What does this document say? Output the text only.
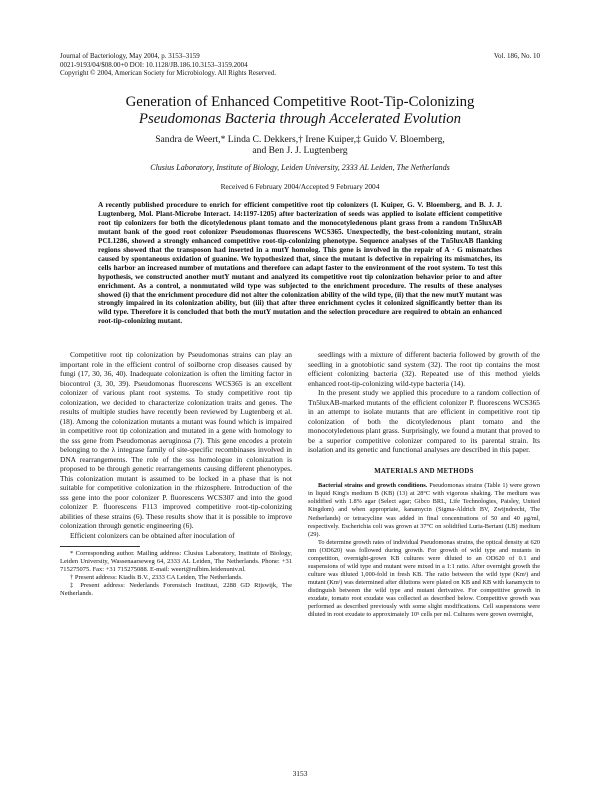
Journal of Bacteriology, May 2004, p. 3153–3159
0021-9193/04/$08.00+0 DOI: 10.1128/JB.186.10.3153–3159.2004
Copyright © 2004, American Society for Microbiology. All Rights Reserved.
Vol. 186, No. 10
Generation of Enhanced Competitive Root-Tip-Colonizing
Pseudomonas Bacteria through Accelerated Evolution
Sandra de Weert,* Linda C. Dekkers,† Irene Kuiper,‡ Guido V. Bloemberg,
and Ben J. J. Lugtenberg
Clusius Laboratory, Institute of Biology, Leiden University, 2333 AL Leiden, The Netherlands
Received 6 February 2004/Accepted 9 February 2004
A recently published procedure to enrich for efficient competitive root tip colonizers (I. Kuiper, G. V. Bloemberg, and B. J. J. Lugtenberg, Mol. Plant-Microbe Interact. 14:1197-1205) after bacterization of seeds was applied to isolate efficient competitive root tip colonizers for both the dicotyledenous plant tomato and the monocotyledenous plant grass from a random Tn5luxAB mutant bank of the good root colonizer Pseudomonas fluorescens WCS365. Unexpectedly, the best-colonizing mutant, strain PCL1286, showed a strongly enhanced competitive root-tip-colonizing phenotype. Sequence analyses of the Tn5luxAB flanking regions showed that the transposon had inserted in a mutY homolog. This gene is involved in the repair of A · G mismatches caused by spontaneous oxidation of guanine. We hypothesized that, since the mutant is defective in repairing its mismatches, its cells harbor an increased number of mutations and therefore can adapt faster to the environment of the root system. To test this hypothesis, we constructed another mutY mutant and analyzed its competitive root tip colonization behavior prior to and after enrichment. As a control, a nonmutated wild type was subjected to the enrichment procedure. The results of these analyses showed (i) that the enrichment procedure did not alter the colonization ability of the wild type, (ii) that the new mutY mutant was strongly impaired in its colonization ability, but (iii) that after three enrichment cycles it colonized significantly better than its wild type. Therefore it is concluded that both the mutY mutation and the selection procedure are required to obtain an enhanced root-tip-colonizing mutant.

Competitive root tip colonization by Pseudomonas strains can play an important role in the efficient control of soilborne crop diseases caused by fungi (17, 30, 36, 40). Inadequate colonization is often the limiting factor in biocontrol (3, 30, 39). Pseudomonas fluorescens WCS365 is an excellent colonizer of various plant root systems. To study competitive root tip colonization, we decided to characterize colonization traits and genes. The results of multiple studies have recently been reviewed by Lugtenberg et al. (18). Among the colonization mutants a mutant was found which is impaired in competitive root tip colonization and mutated in a gene with homology to the sss gene from Pseudomonas aeruginosa (7). This gene encodes a protein belonging to the λ integrase family of site-specific recombinases involved in DNA rearrangements. The role of the sss homologue in colonization is proposed to be through genetic rearrangements causing different phenotypes. This colonization mutant is assumed to be locked in a phase that is not suitable for competitive colonization in the rhizosphere. Introduction of the sss gene into the poor colonizer P. fluorescens WCS307 and into the good colonizer P. fluorescens F113 improved competitive root-tip-colonizing abilities of these strains (6). These results show that it is possible to improve colonization through genetic engineering (6).

Efficient colonizers can be obtained after inoculation of

* Corresponding author. Mailing address: Clusius Laboratory, Institute of Biology, Leiden University, Wassenaarseweg 64, 2333 AL Leiden, The Netherlands. Phone: +31 715275075. Fax: +31 715275088. E-mail: weert@rulbim.leidenuniv.nl.

† Present address: Kiadis B.V., 2333 CA Leiden, The Netherlands.

‡ Present address: Nederlands Forensisch Instituut, 2288 GD Rijswijk, The Netherlands.

seedlings with a mixture of different bacteria followed by growth of the seedling in a gnotobiotic sand system (32). The root tip contains the most efficient colonizing bacteria (32). Repeated use of this method yields enhanced root-tip-colonizing wild-type bacteria (14).

In the present study we applied this procedure to a random collection of Tn5luxAB-marked mutants of the efficient colonizer P. fluorescens WCS365 in an attempt to isolate mutants that are efficient in competitive root tip colonization of both the dicotyledenous plant tomato and the monocotyledenous plant grass. Surprisingly, we found a mutant that proved to be a superior competitive colonizer compared to its parental strain. Its isolation and its genetic and functional analyses are described in this paper.

MATERIALS AND METHODS

Bacterial strains and growth conditions. Pseudomonas strains (Table 1) were grown in liquid King's medium B (KB) (13) at 28°C with vigorous shaking. The medium was solidified with 1.8% agar (Select agar; Gibco BRL, Life Technologies, Paisley, United Kingdom) and when appropriate, kanamycin (Sigma-Aldrich BV, Zwijndrecht, The Netherlands) or tetracycline was added in final concentrations of 50 and 40 μg/ml, respectively. Escherichia coli was grown at 37°C on solidified Luria-Bertani (LB) medium (29).

To determine growth rates of individual Pseudomonas strains, the optical density at 620 nm (OD620) was followed during growth. For growth of wild type and mutants in competition, overnight-grown KB cultures were diluted to an OD620 of 0.1 and suspensions of wild type and mutant were mixed in a 1:1 ratio. After overnight growth the culture was diluted 1,000-fold in fresh KB. The ratio between the wild type (Kmˢ) and mutant (Kmʳ) was determined after dilutions were plated on KB and KB with kanamycin to distinguish between the wild type and mutant derivative. For competitive growth in exudate, tomato root exudate was collected as described below. Competitive growth was performed as described previously with some slight modifications. Cell suspensions were diluted in root exudate to approximately 10⁵ cells per ml. Cultures were grown overnight,

3153
